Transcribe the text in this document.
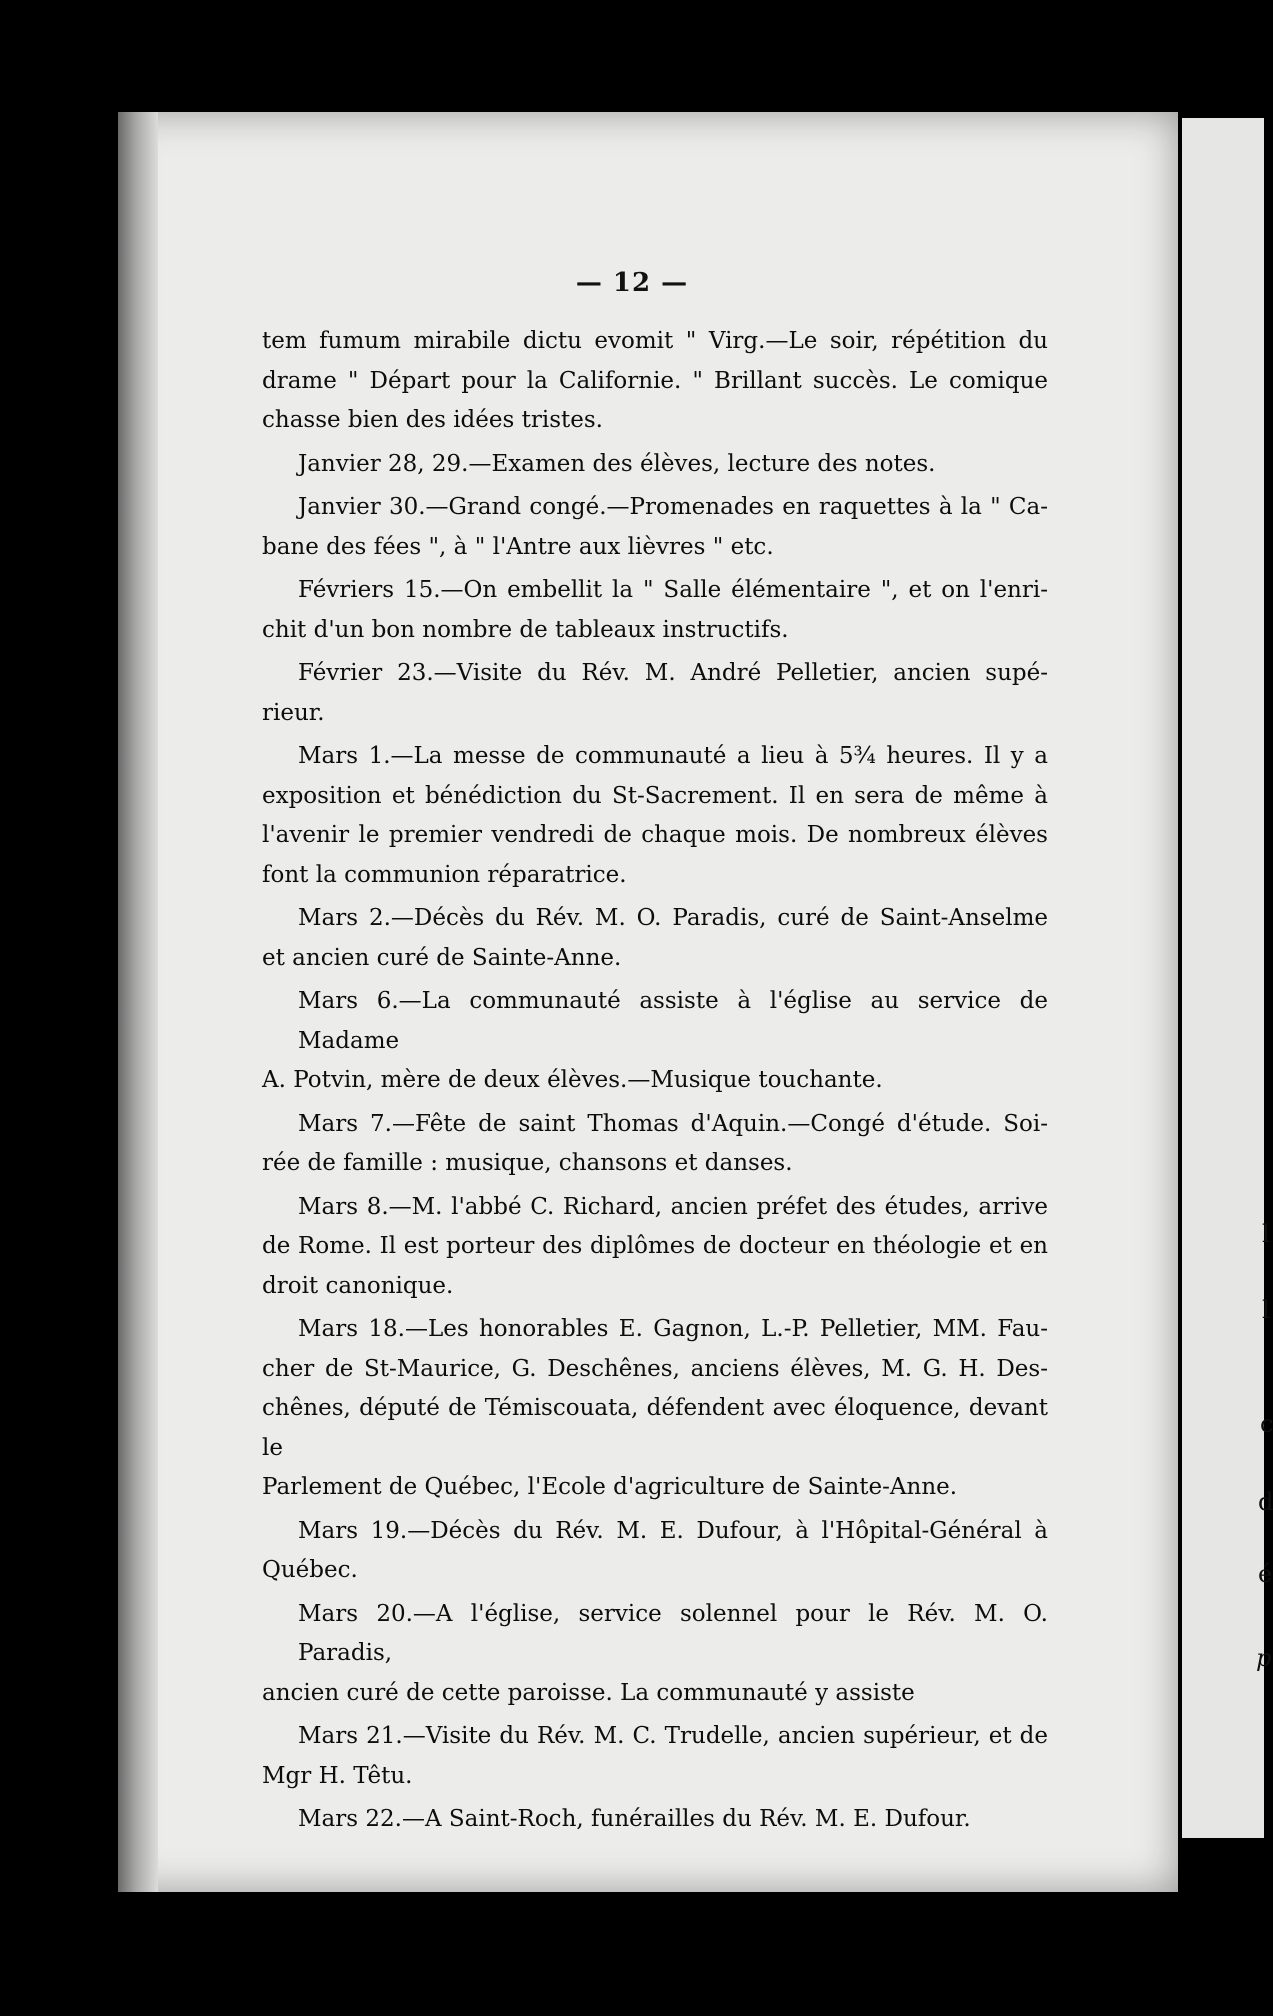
l
l
c
d
é
p
— 12 —
tem fumum mirabile dictu evomit " Virg.—Le soir, répétition du
drame " Départ pour la Californie. " Brillant succès. Le comique
chasse bien des idées tristes.
Janvier 28, 29.—Examen des élèves, lecture des notes.
Janvier 30.—Grand congé.—Promenades en raquettes à la " Ca-
bane des fées ", à " l'Antre aux lièvres " etc.
Févriers 15.—On embellit la " Salle élémentaire ", et on l'enri-
chit d'un bon nombre de tableaux instructifs.
Février 23.—Visite du Rév. M. André Pelletier, ancien supé-
rieur.
Mars 1.—La messe de communauté a lieu à 5¾ heures. Il y a
exposition et bénédiction du St-Sacrement. Il en sera de même à
l'avenir le premier vendredi de chaque mois. De nombreux élèves
font la communion réparatrice.
Mars 2.—Décès du Rév. M. O. Paradis, curé de Saint-Anselme
et ancien curé de Sainte-Anne.
Mars 6.—La communauté assiste à l'église au service de Madame
A. Potvin, mère de deux élèves.—Musique touchante.
Mars 7.—Fête de saint Thomas d'Aquin.—Congé d'étude. Soi-
rée de famille : musique, chansons et danses.
Mars 8.—M. l'abbé C. Richard, ancien préfet des études, arrive
de Rome. Il est porteur des diplômes de docteur en théologie et en
droit canonique.
Mars 18.—Les honorables E. Gagnon, L.-P. Pelletier, MM. Fau-
cher de St-Maurice, G. Deschênes, anciens élèves, M. G. H. Des-
chênes, député de Témiscouata, défendent avec éloquence, devant le
Parlement de Québec, l'Ecole d'agriculture de Sainte-Anne.
Mars 19.—Décès du Rév. M. E. Dufour, à l'Hôpital-Général à
Québec.
Mars 20.—A l'église, service solennel pour le Rév. M. O. Paradis,
ancien curé de cette paroisse. La communauté y assiste
Mars 21.—Visite du Rév. M. C. Trudelle, ancien supérieur, et de
Mgr H. Têtu.
Mars 22.—A Saint-Roch, funérailles du Rév. M. E. Dufour.
